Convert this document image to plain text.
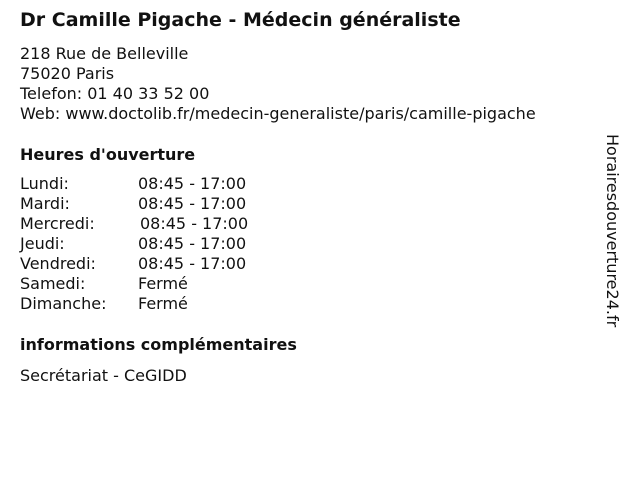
Dr Camille Pigache - Médecin généraliste
218 Rue de Belleville
75020 Paris
Telefon: 01 40 33 52 00
Web: www.doctolib.fr/medecin-generaliste/paris/camille-pigache
Heures d'ouverture
Lundi:	08:45 - 17:00
Mardi:	08:45 - 17:00
Mercredi:	08:45 - 17:00
Jeudi:	08:45 - 17:00
Vendredi:	08:45 - 17:00
Samedi:	Fermé
Dimanche: Fermé
informations complémentaires
Secrétariat - CeGIDD
Horairesdouverture24.fr
